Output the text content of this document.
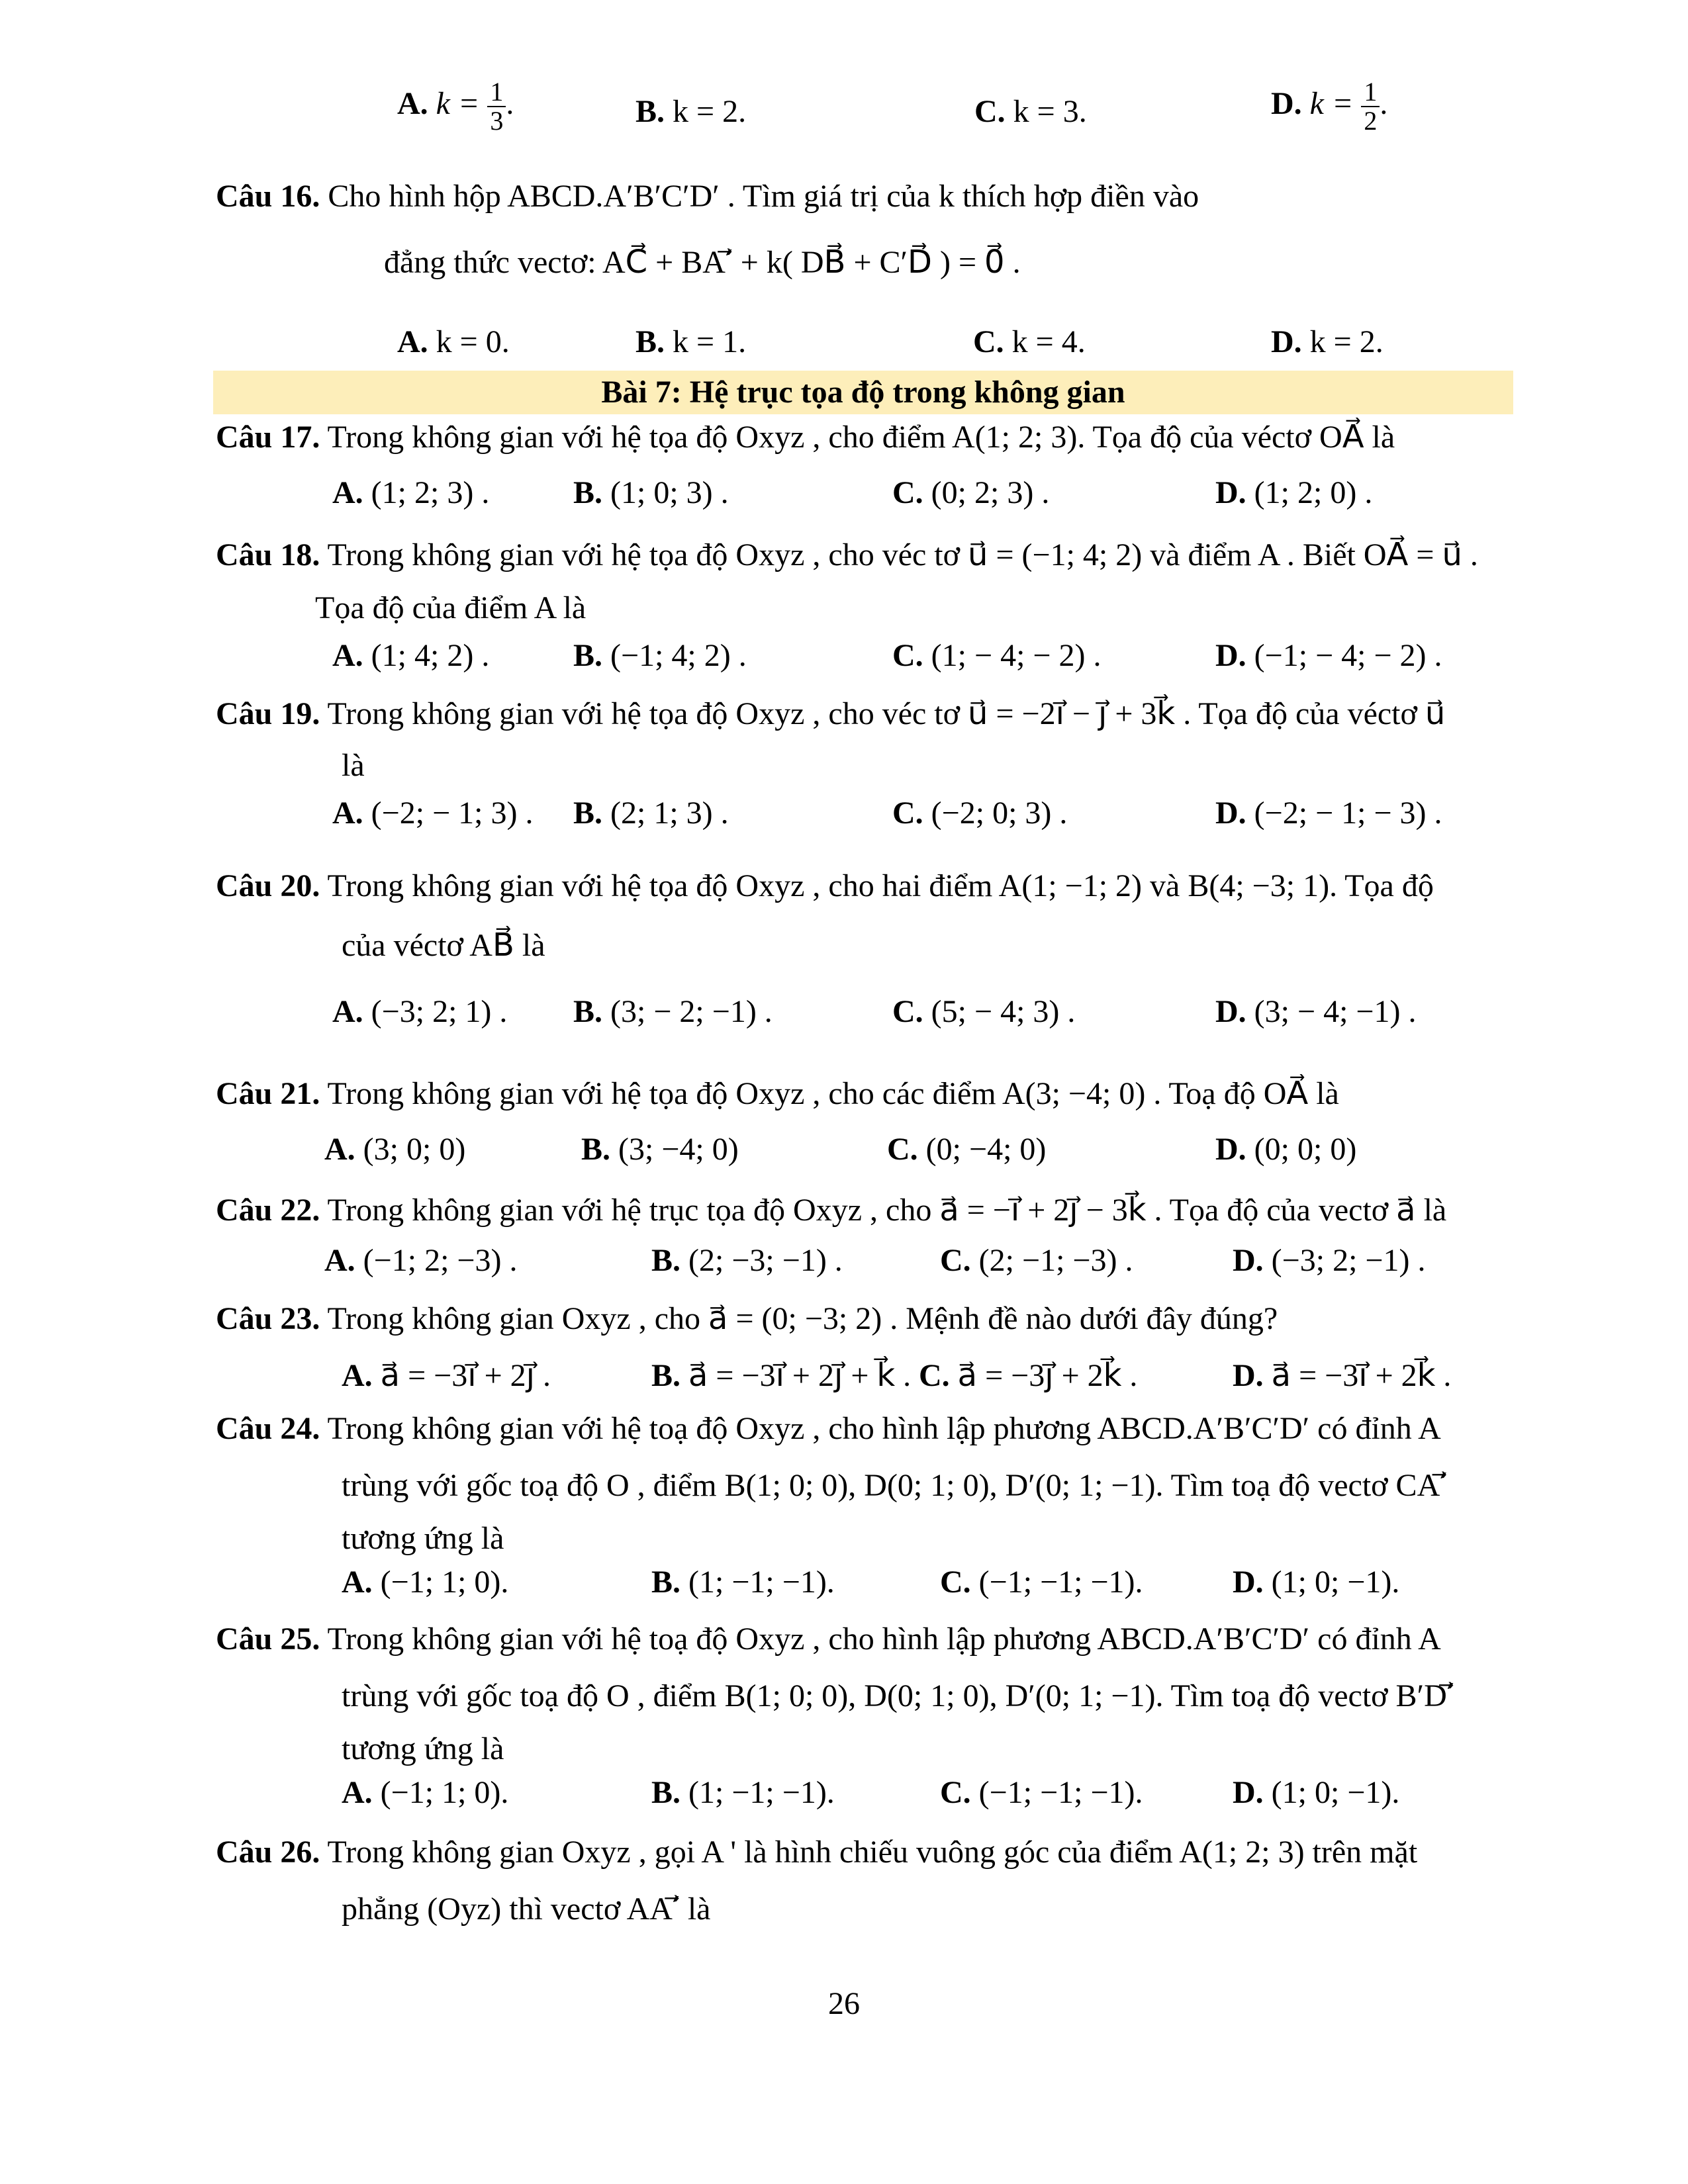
A. $k = \frac{1}{3}$ .	B. k = 2.	C. k = 3.	D. $k = \frac{1}{2}$ .
Câu 16. Cho hình hộp ABCD.A′B′C′D′ . Tìm giá trị của k thích hợp điền vào
đẳng thức vectơ: AC⃗ + BA′⃗ + k( DB⃗ + C′D⃗ ) = 0⃗ .
A. k = 0.	B. k = 1.	C. k = 4.	D. k = 2.
Bài 7: Hệ trục tọa độ trong không gian
Câu 17. Trong không gian với hệ tọa độ Oxyz , cho điểm A(1; 2; 3). Tọa độ của véctơ OA⃗ là
A. (1; 2; 3) .	B. (1; 0; 3) .	C. (0; 2; 3) .	D. (1; 2; 0) .
Câu 18. Trong không gian với hệ tọa độ Oxyz , cho véc tơ u⃗ = (−1; 4; 2) và điểm A . Biết OA⃗ = u⃗ .
Tọa độ của điểm A là
A. (1; 4; 2) .	B. (−1; 4; 2) .	C. (1; − 4; − 2) .	D. (−1; − 4; − 2) .
Câu 19. Trong không gian với hệ tọa độ Oxyz , cho véc tơ u⃗ = −2i⃗ − j⃗ + 3k⃗ . Tọa độ của véctơ u⃗
là
A. (−2; − 1; 3) . B. (2; 1; 3) .	C. (−2; 0; 3) .	D. (−2; − 1; − 3) .
Câu 20. Trong không gian với hệ tọa độ Oxyz , cho hai điểm A(1; −1; 2) và B(4; −3; 1). Tọa độ
của véctơ AB⃗ là
A. (−3; 2; 1) . B. (3; − 2; −1) .	C. (5; − 4; 3) .	D. (3; − 4; −1) .
Câu 21. Trong không gian với hệ tọa độ Oxyz , cho các điểm A(3; −4; 0) . Toạ độ OA⃗ là
A. (3; 0; 0)	B. (3; −4; 0)	C. (0; −4; 0)	D. (0; 0; 0)
Câu 22. Trong không gian với hệ trục tọa độ Oxyz , cho a⃗ = −i⃗ + 2j⃗ − 3k⃗ . Tọa độ của vectơ a⃗ là
A. (−1; 2; −3) .	B. (2; −3; −1) .	C. (2; −1; −3) .	D. (−3; 2; −1) .
Câu 23. Trong không gian Oxyz , cho a⃗ = (0; −3; 2) . Mệnh đề nào dưới đây đúng?
A. a⃗ = −3i⃗ + 2j⃗ .	B. a⃗ = −3i⃗ + 2j⃗ + k⃗ . C. a⃗ = −3j⃗ + 2k⃗ .	D. a⃗ = −3i⃗ + 2k⃗ .
Câu 24. Trong không gian với hệ toạ độ Oxyz , cho hình lập phương ABCD.A′B′C′D′ có đỉnh A
trùng với gốc toạ độ O , điểm B(1; 0; 0), D(0; 1; 0), D′(0; 1; −1). Tìm toạ độ vectơ CA′⃗
tương ứng là
A. (−1; 1; 0).	B. (1; −1; −1).	C. (−1; −1; −1).	D. (1; 0; −1).
Câu 25. Trong không gian với hệ toạ độ Oxyz , cho hình lập phương ABCD.A′B′C′D′ có đỉnh A
trùng với gốc toạ độ O , điểm B(1; 0; 0), D(0; 1; 0), D′(0; 1; −1). Tìm toạ độ vectơ B′D′⃗
tương ứng là
A. (−1; 1; 0).	B. (1; −1; −1).	C. (−1; −1; −1).	D. (1; 0; −1).
Câu 26. Trong không gian Oxyz , gọi A ' là hình chiếu vuông góc của điểm A(1; 2; 3) trên mặt
phẳng (Oyz) thì vectơ AA′⃗ là
26
